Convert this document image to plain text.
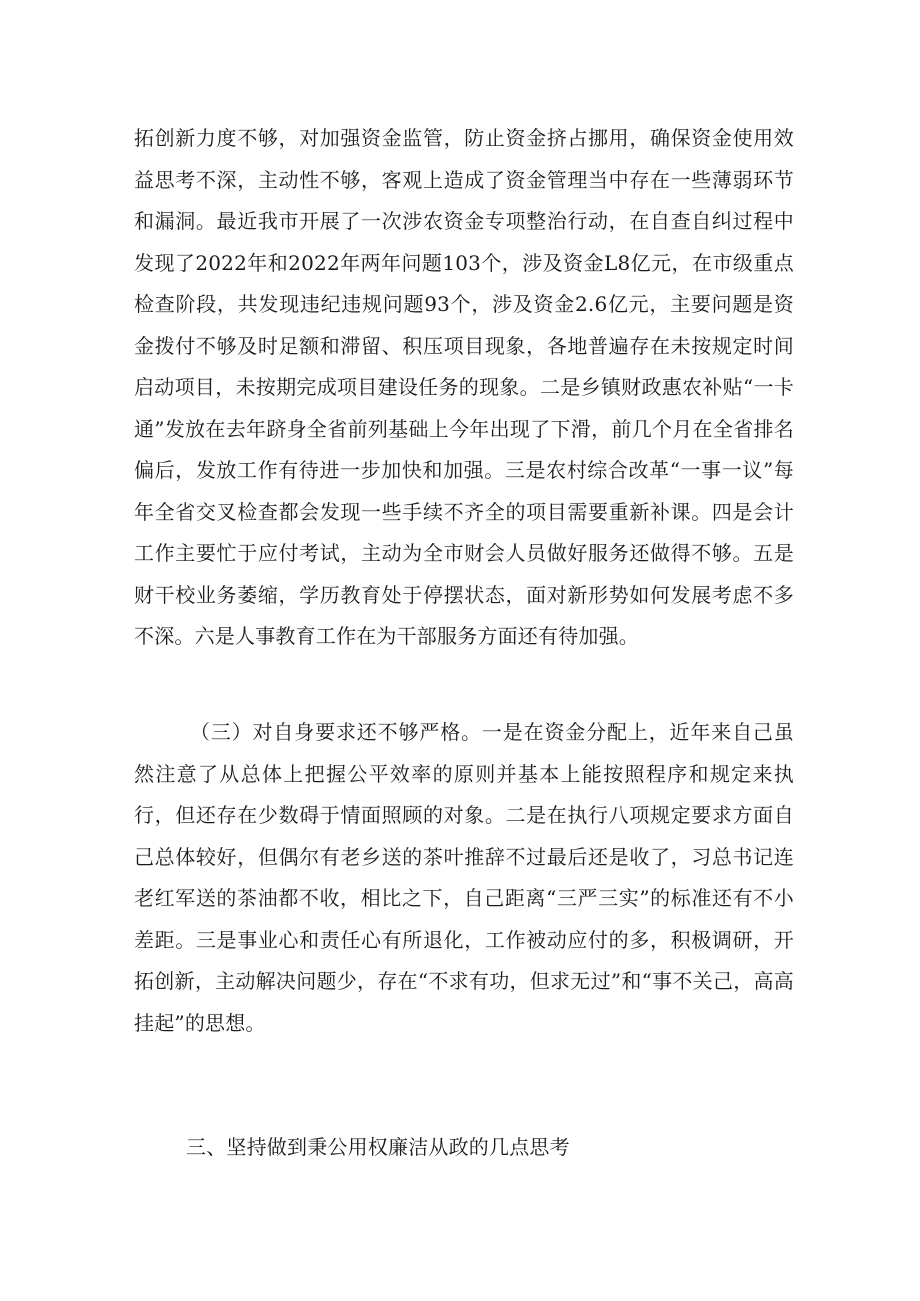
拓创新力度不够，对加强资金监管，防止资金挤占挪用，确保资金使用效益思考不深，主动性不够，客观上造成了资金管理当中存在一些薄弱环节和漏洞。最近我市开展了一次涉农资金专项整治行动，在自查自纠过程中发现了2022年和2022年两年问题103个，涉及资金L8亿元，在市级重点检查阶段，共发现违纪违规问题93个，涉及资金2.6亿元，主要问题是资金拨付不够及时足额和滞留、积压项目现象，各地普遍存在未按规定时间启动项目，未按期完成项目建设任务的现象。二是乡镇财政惠农补贴“一卡通”发放在去年跻身全省前列基础上今年出现了下滑，前几个月在全省排名偏后，发放工作有待进一步加快和加强。三是农村综合改革“一事一议”每年全省交叉检查都会发现一些手续不齐全的项目需要重新补课。四是会计工作主要忙于应付考试，主动为全市财会人员做好服务还做得不够。五是财干校业务萎缩，学历教育处于停摆状态，面对新形势如何发展考虑不多不深。六是人事教育工作在为干部服务方面还有待加强。
（三）对自身要求还不够严格。一是在资金分配上，近年来自己虽然注意了从总体上把握公平效率的原则并基本上能按照程序和规定来执行，但还存在少数碍于情面照顾的对象。二是在执行八项规定要求方面自己总体较好，但偶尔有老乡送的茶叶推辞不过最后还是收了，习总书记连老红军送的茶油都不收，相比之下，自己距离“三严三实”的标准还有不小差距。三是事业心和责任心有所退化，工作被动应付的多，积极调研，开拓创新，主动解决问题少，存在“不求有功，但求无过”和“事不关己，高高挂起”的思想。
三、坚持做到秉公用权廉洁从政的几点思考
